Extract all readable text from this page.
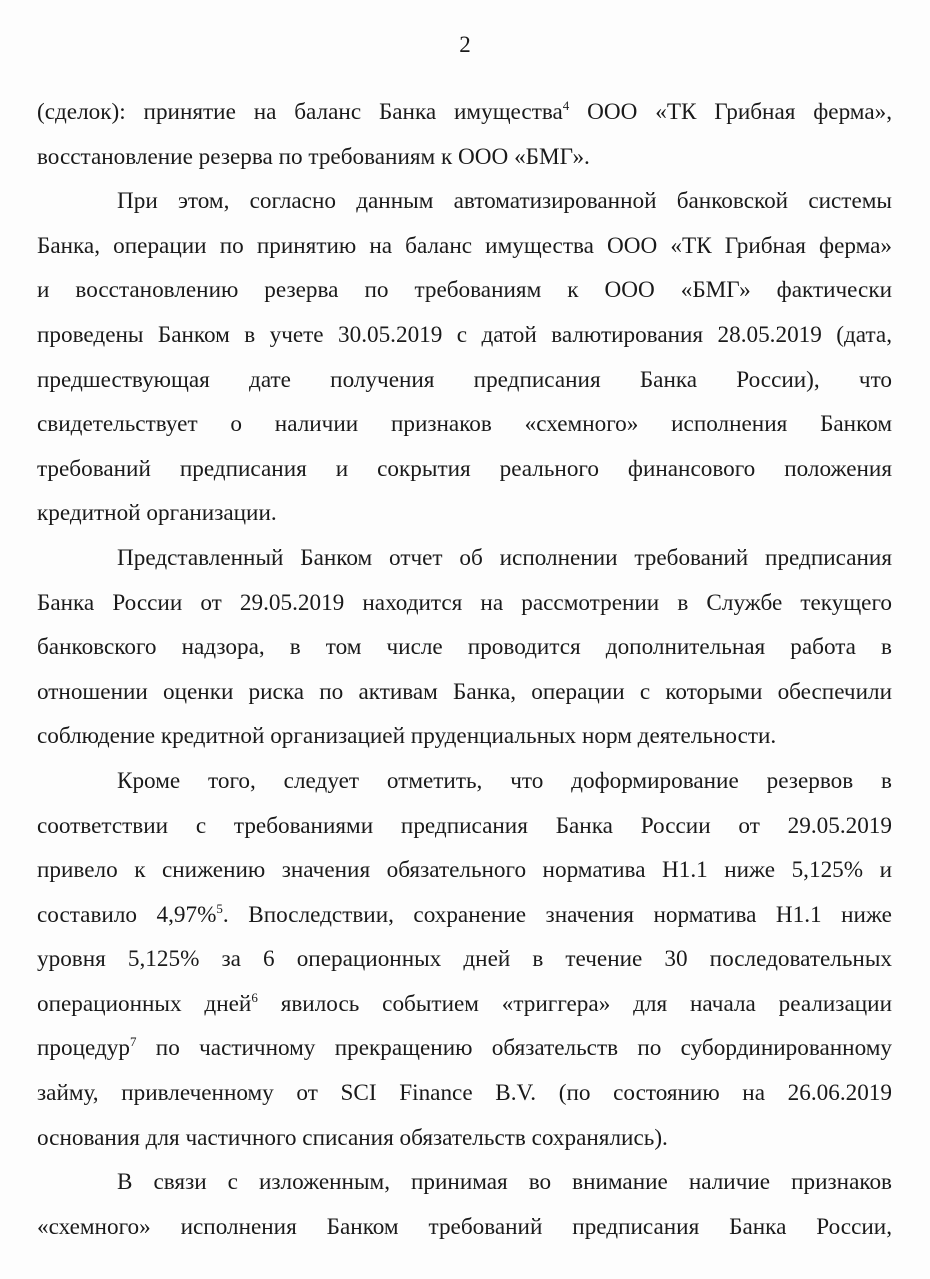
2
(сделок): принятие на баланс Банка имущества$^4$ ООО «ТК Грибная ферма»,
восстановление резерва по требованиям к ООО «БМГ».
При этом, согласно данным автоматизированной банковской системы
Банка, операции по принятию на баланс имущества ООО «ТК Грибная ферма»
и восстановлению резерва по требованиям к ООО «БМГ» фактически
проведены Банком в учете 30.05.2019 с датой валютирования 28.05.2019 (дата,
предшествующая дате получения предписания Банка России), что
свидетельствует о наличии признаков «схемного» исполнения Банком
требований предписания и сокрытия реального финансового положения
кредитной организации.
Представленный Банком отчет об исполнении требований предписания
Банка России от 29.05.2019 находится на рассмотрении в Службе текущего
банковского надзора, в том числе проводится дополнительная работа в
отношении оценки риска по активам Банка, операции с которыми обеспечили
соблюдение кредитной организацией пруденциальных норм деятельности.
Кроме того, следует отметить, что доформирование резервов в
соответствии с требованиями предписания Банка России от 29.05.2019
привело к снижению значения обязательного норматива Н1.1 ниже 5,125% и
составило 4,97%$^5$. Впоследствии, сохранение значения норматива Н1.1 ниже
уровня 5,125% за 6 операционных дней в течение 30 последовательных
операционных дней$^6$ явилось событием «триггера» для начала реализации
процедур$^7$ по частичному прекращению обязательств по субординированному
займу, привлеченному от SCI Finance B.V. (по состоянию на 26.06.2019
основания для частичного списания обязательств сохранялись).
В связи с изложенным, принимая во внимание наличие признаков
«схемного» исполнения Банком требований предписания Банка России,
